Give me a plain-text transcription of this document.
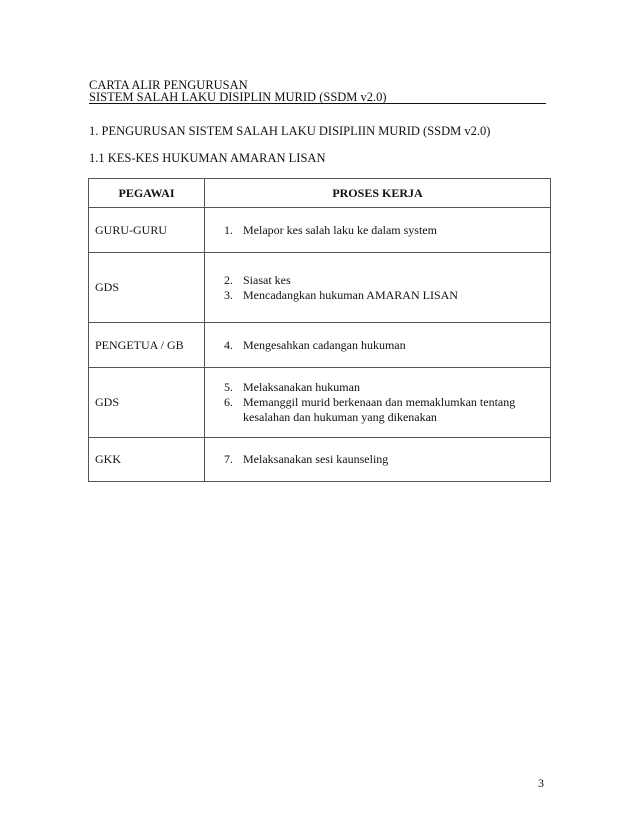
CARTA ALIR PENGURUSAN
SISTEM SALAH LAKU DISIPLIN MURID (SSDM v2.0)
1. PENGURUSAN SISTEM SALAH LAKU DISIPLIIN MURID (SSDM v2.0)
1.1 KES-KES HUKUMAN AMARAN LISAN
PEGAWAI	PROSES KERJA
GURU-GURU	1. Melapor kes salah laku ke dalam system

GDS	2. Siasat kes
3. Mencadangkan hukuman AMARAN LISAN

PENGETUA / GB	4. Mengesahkan cadangan hukuman

GDS	5. Melaksanakan hukuman
6. Memanggil murid berkenaan dan memaklumkan tentang kesalahan dan hukuman yang dikenakan

GKK	7. Melaksanakan sesi kaunseling
3
